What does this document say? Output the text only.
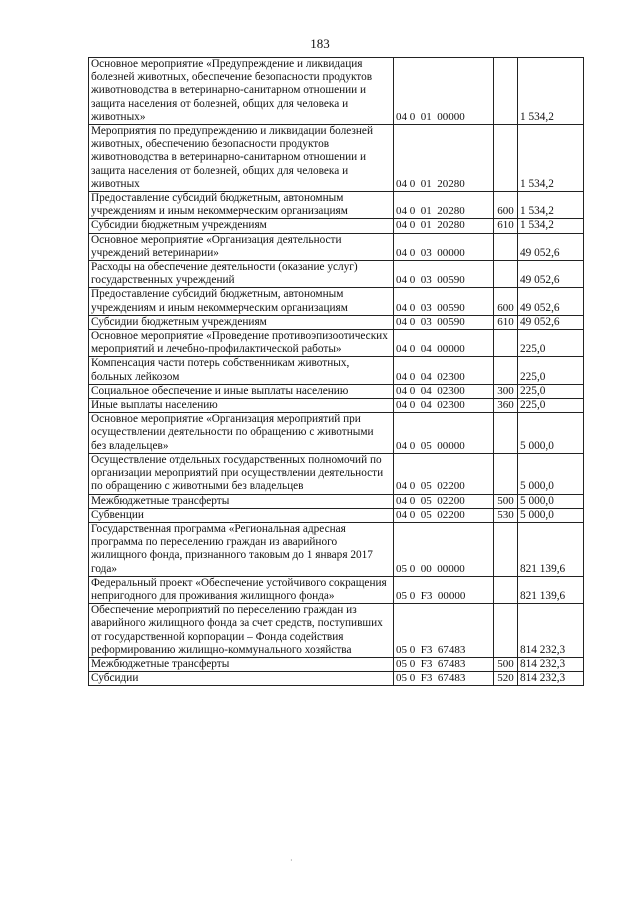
183
Основное мероприятие «Предупреждение и ликвидация болезней животных, обеспечение безопасности продуктов животноводства в ветеринарно-санитарном отношении и защита населения от болезней, общих для человека и животных»	04 0  01  00000		1 534,2
Мероприятия по предупреждению и ликвидации болезней животных, обеспечению безопасности продуктов животноводства в ветеринарно-санитарном отношении и защита населения от болезней, общих для человека и животных	04 0  01  20280		1 534,2
Предоставление субсидий бюджетным, автономным учреждениям и иным некоммерческим организациям	04 0  01  20280	600	1 534,2
Субсидии бюджетным учреждениям	04 0  01  20280	610	1 534,2
Основное мероприятие «Организация деятельности учреждений ветеринарии»	04 0  03  00000		49 052,6
Расходы на обеспечение деятельности (оказание услуг) государственных учреждений	04 0  03  00590		49 052,6
Предоставление субсидий бюджетным, автономным учреждениям и иным некоммерческим организациям	04 0  03  00590	600	49 052,6
Субсидии бюджетным учреждениям	04 0  03  00590	610	49 052,6
Основное мероприятие «Проведение противоэпизоотических мероприятий и лечебно-профилактической работы»	04 0  04  00000		225,0
Компенсация части потерь собственникам животных, больных лейкозом	04 0  04  02300		225,0
Социальное обеспечение и иные выплаты населению	04 0  04  02300	300	225,0
Иные выплаты населению	04 0  04  02300	360	225,0
Основное мероприятие «Организация мероприятий при осуществлении деятельности по обращению с животными без владельцев»	04 0  05  00000		5 000,0
Осуществление отдельных государственных полномочий по организации мероприятий при осуществлении деятельности по обращению с животными без владельцев	04 0  05  02200		5 000,0
Межбюджетные трансферты	04 0  05  02200	500	5 000,0
Субвенции	04 0  05  02200	530	5 000,0
Государственная программа «Региональная адресная программа по переселению граждан из аварийного жилищного фонда, признанного таковым до 1 января 2017 года»	05 0  00  00000		821 139,6
Федеральный проект «Обеспечение устойчивого сокращения непригодного для проживания жилищного фонда»	05 0  F3  00000		821 139,6
Обеспечение мероприятий по переселению граждан из аварийного жилищного фонда за счет средств, поступивших от государственной корпорации – Фонда содействия реформированию жилищно-коммунального хозяйства	05 0  F3  67483		814 232,3
Межбюджетные трансферты	05 0  F3  67483	500	814 232,3
Субсидии	05 0  F3  67483	520	814 232,3
·
